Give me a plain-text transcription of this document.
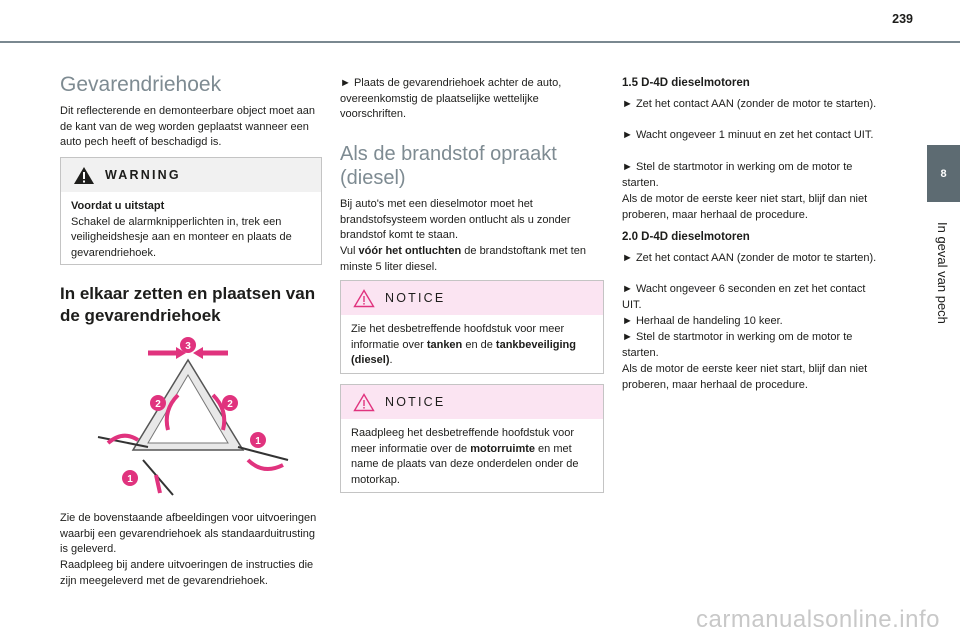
239
8
In geval van pech
Gevarendriehoek

Dit reflecterende en demonteerbare object moet aan de kant van de weg worden geplaatst wanneer een auto pech heeft of beschadigd is.

WARNING
Voordat u uitstapt
Schakel de alarmknipperlichten in, trek een veiligheidshesje aan en monteer en plaats de gevarendriehoek.
In elkaar zetten en plaatsen van de gevarendriehoek
3
2	2
1
1

Zie de bovenstaande afbeeldingen voor uitvoeringen waarbij een gevarendriehoek als standaarduitrusting is geleverd.

Raadpleeg bij andere uitvoeringen de instructies die zijn meegeleverd met de gevarendriehoek.

► Plaats de gevarendriehoek achter de auto, overeenkomstig de plaatselijke wettelijke voorschriften.

Als de brandstof opraakt (diesel)

Bij auto's met een dieselmotor moet het brandstofsysteem worden ontlucht als u zonder brandstof komt te staan.

Vul vóór het ontluchten de brandstoftank met ten minste 5 liter diesel.

NOTICE
Zie het desbetreffende hoofdstuk voor meer informatie over tanken en de tankbeveiliging (diesel).
NOTICE
Raadpleeg het desbetreffende hoofdstuk voor meer informatie over de motorruimte en met name de plaats van deze onderdelen onder de motorkap.
1.5 D-4D dieselmotoren

► Zet het contact AAN (zonder de motor te starten).

► Wacht ongeveer 1 minuut en zet het contact UIT.

► Stel de startmotor in werking om de motor te starten.

Als de motor de eerste keer niet start, blijf dan niet proberen, maar herhaal de procedure.

2.0 D-4D dieselmotoren

► Zet het contact AAN (zonder de motor te starten).

► Wacht ongeveer 6 seconden en zet het contact UIT.

► Herhaal de handeling 10 keer.

► Stel de startmotor in werking om de motor te starten.

Als de motor de eerste keer niet start, blijf dan niet proberen, maar herhaal de procedure.

carmanualsonline.info
